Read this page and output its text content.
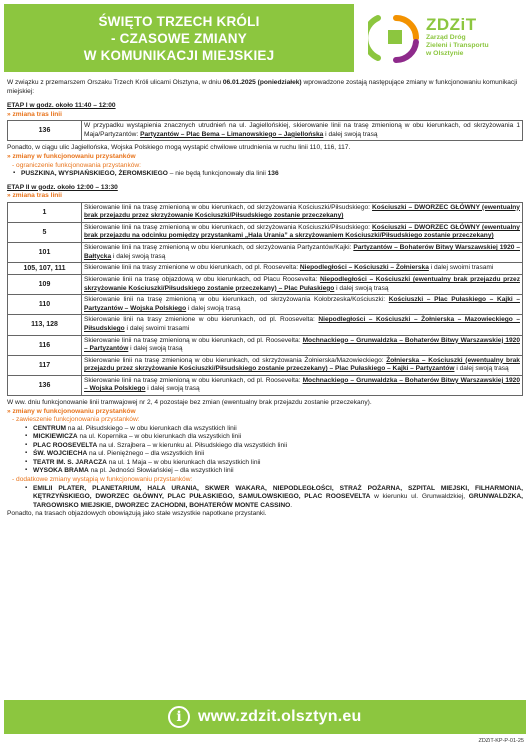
ŚWIĘTO TRZECH KRÓLI
- CZASOWE ZMIANY
W KOMUNIKACJI MIEJSKIEJ
ZDZiT
Zarząd Dróg
Zieleni i Transportu
w Olsztynie

W związku z przemarszem Orszaku Trzech Króli ulicami Olsztyna, w dniu 06.01.2025 (poniedziałek) wprowadzone zostają następujące zmiany w funkcjonowaniu komunikacji miejskiej:

ETAP I w godz. około 11:40 – 12:00

» zmiana tras linii

136	W przypadku wystąpienia znacznych utrudnień na ul. Jagiellońskiej, skierowanie linii na trasę zmienioną w obu kierunkach, od skrzyżowania 1 Maja/Partyzantów: Partyzantów – Plac Bema – Limanowskiego – Jagiellońska i dalej swoją trasą

Ponadto, w ciągu ulic Jagiellońska, Wojska Polskiego mogą wystąpić chwilowe utrudnienia w ruchu linii 110, 116, 117.

» zmiany w funkcjonowaniu przystanków

- ograniczenie funkcjonowania przystanków:

▪ PUSZKINA, WYSPIAŃSKIEGO, ŻEROMSKIEGO – nie będą funkcjonowały dla linii 136

ETAP II w godz. około 12:00 – 13:30

» zmiana tras linii

1	Skierowanie linii na trasę zmienioną w obu kierunkach, od skrzyżowania Kościuszki/Piłsudskiego: Kościuszki – DWORZEC GŁÓWNY (ewentualny brak przejazdu przez skrzyżowanie Kościuszki/Piłsudskiego zostanie przeczekany)
5	Skierowanie linii na trasę zmienioną w obu kierunkach, od skrzyżowania Kościuszki/Piłsudskiego: Kościuszki – DWORZEC GŁÓWNY (ewentualny brak przejazdu na odcinku pomiędzy przystankami „Hala Urania” a skrzyżowaniem Kościuszki/Piłsudskiego zostanie przeczekany)
101	Skierowanie linii na trasę zmienioną w obu kierunkach, od skrzyżowania Partyzantów/Kajki: Partyzantów – Bohaterów Bitwy Warszawskiej 1920 – Bałtycka i dalej swoją trasą
105, 107, 111	Skierowanie linii na trasy zmienione w obu kierunkach, od pl. Roosevelta: Niepodległości – Kościuszki – Żołnierska i dalej swoimi trasami
109	Skierowanie linii na trasę objazdową w obu kierunkach, od Placu Roosevelta: Niepodległości – Kościuszki (ewentualny brak przejazdu przez skrzyżowanie Kościuszki/Piłsudskiego zostanie przeczekany) – Plac Pułaskiego i dalej swoją trasą
110	Skierowanie linii na trasę zmienioną w obu kierunkach, od skrzyżowania Kołobrzeska/Kościuszki: Kościuszki – Plac Pułaskiego – Kajki – Partyzantów – Wojska Polskiego i dalej swoją trasą
113, 128	Skierowanie linii na trasy zmienione w obu kierunkach, od pl. Roosevelta: Niepodległości – Kościuszki – Żołnierska – Mazowieckiego – Piłsudskiego i dalej swoimi trasami
116	Skierowanie linii na trasę zmienioną w obu kierunkach, od pl. Roosevelta: Mochnackiego – Grunwaldzka – Bohaterów Bitwy Warszawskiej 1920 – Partyzantów i dalej swoją trasą
117	Skierowanie linii na trasę zmienioną w obu kierunkach, od skrzyżowania Żołnierska/Mazowieckiego: Żołnierska – Kościuszki (ewentualny brak przejazdu przez skrzyżowanie Kościuszki/Piłsudskiego zostanie przeczekany) – Plac Pułaskiego – Kajki – Partyzantów i dalej swoją trasą
136	Skierowanie linii na trasę zmienioną w obu kierunkach, od pl. Roosevelta: Mochnackiego – Grunwaldzka – Bohaterów Bitwy Warszawskiej 1920 – Wojska Polskiego i dalej swoją trasą

W ww. dniu funkcjonowanie linii tramwajowej nr 2, 4 pozostaje bez zmian (ewentualny brak przejazdu zostanie przeczekany).

» zmiany w funkcjonowaniu przystanków

- zawieszenie funkcjonowania przystanków:

▪ CENTRUM na al. Piłsudskiego – w obu kierunkach dla wszystkich linii

▪ MICKIEWICZA na ul. Kopernika – w obu kierunkach dla wszystkich linii

▪ PLAC ROOSEVELTA na ul. Szrajbera – w kierunku al. Piłsudskiego dla wszystkich linii

▪ ŚW. WOJCIECHA na ul. Pieniężnego – dla wszystkich linii

▪ TEATR IM. S. JARACZA na ul. 1 Maja – w obu kierunkach dla wszystkich linii

▪ WYSOKA BRAMA na pl. Jedności Słowiańskiej – dla wszystkich linii

- dodatkowe zmiany wystąpią w funkcjonowaniu przystanków:

▪ EMILII PLATER, PLANETARIUM, HALA URANIA, SKWER WAKARA, NIEPODLEGŁOŚCI, STRAŻ POŻARNA, SZPITAL MIEJSKI, FILHARMONIA, KĘTRZYŃSKIEGO, DWORZEC GŁÓWNY, PLAC PUŁASKIEGO, SAMULOWSKIEGO, PLAC ROOSEVELTA w kierunku ul. Grunwaldzkiej, GRUNWALDZKA, TARGOWISKO MIEJSKIE, DWORZEC ZACHODNI, BOHATERÓW MONTE CASSINO.

Ponadto, na trasach objazdowych obowiązują jako stałe wszystkie napotkane przystanki.

i	www.zdzit.olsztyn.eu
ZDZiT-KP-P-01-25
